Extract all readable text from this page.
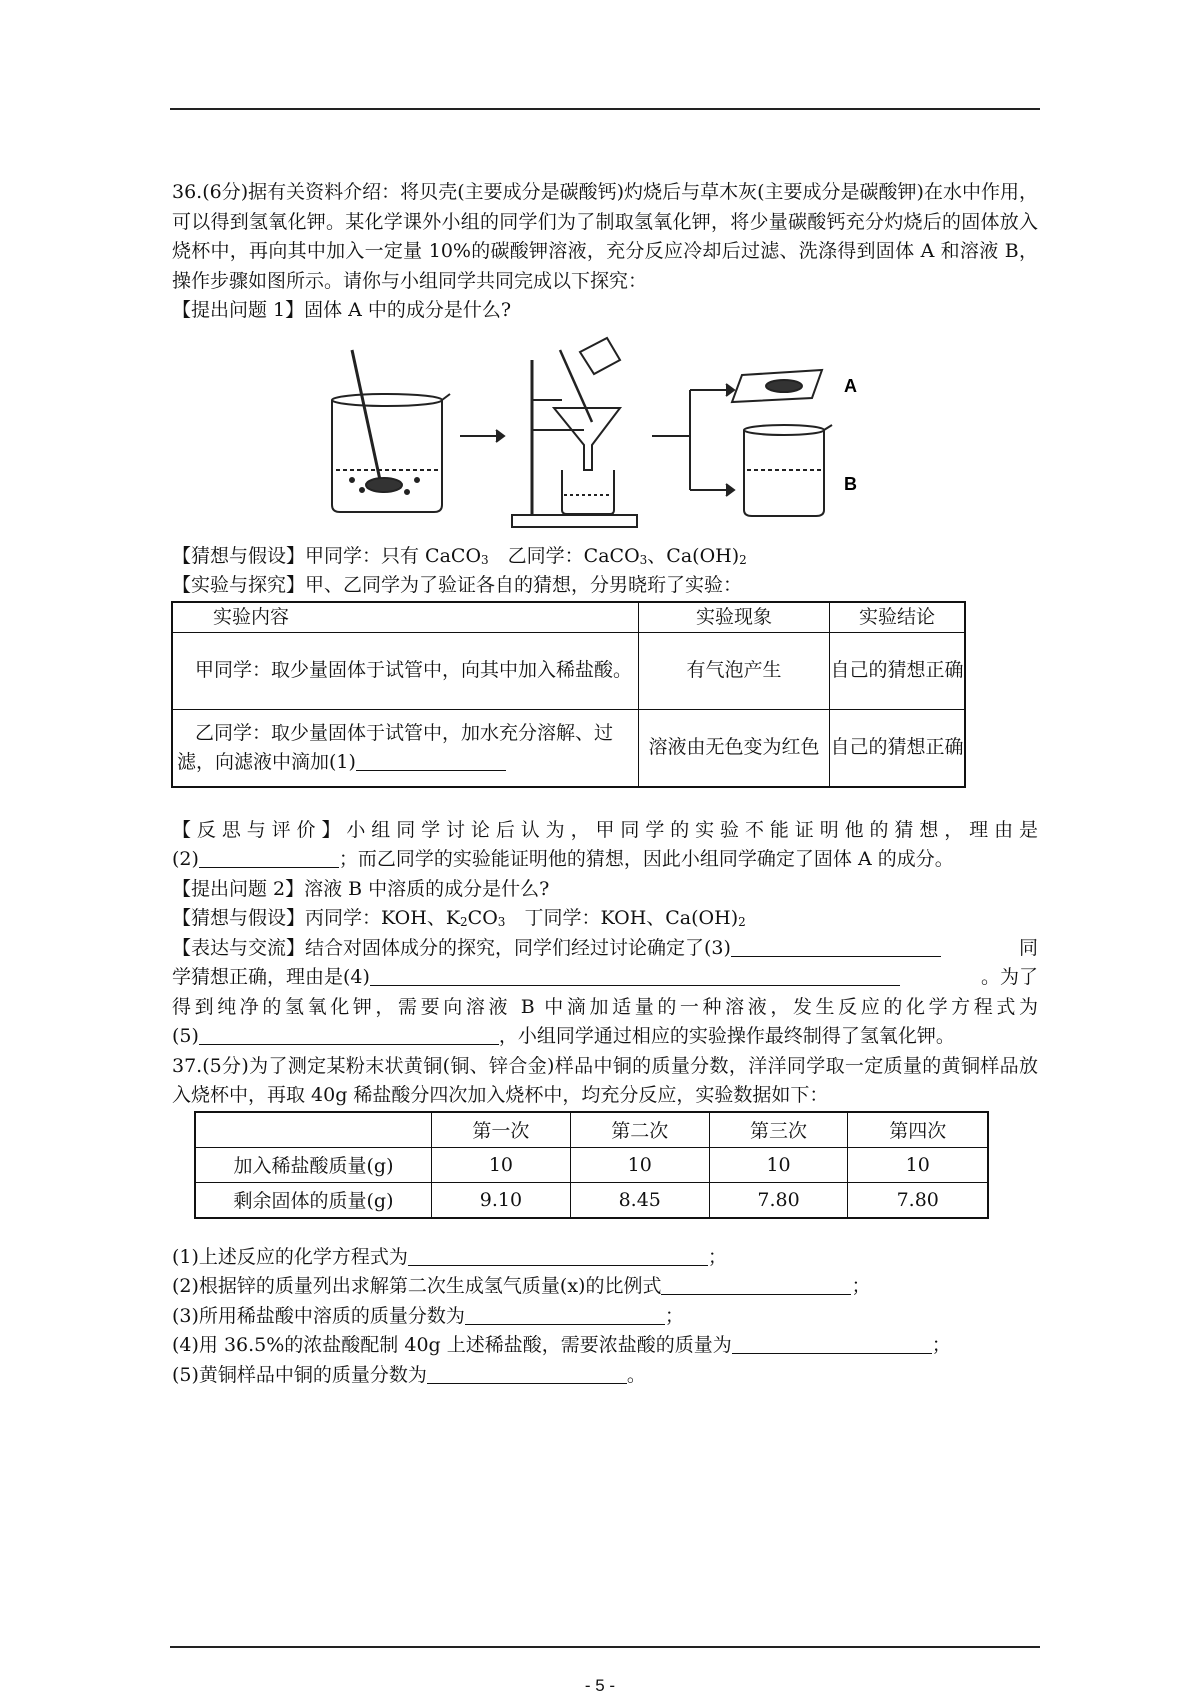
36.(6分)据有关资料介绍：将贝壳(主要成分是碳酸钙)灼烧后与草木灰(主要成分是碳酸钾)在水中作用，可以得到氢氧化钾。某化学课外小组的同学们为了制取氢氧化钾，将少量碳酸钙充分灼烧后的固体放入烧杯中，再向其中加入一定量 10%的碳酸钾溶液，充分反应冷却后过滤、洗涤得到固体 A 和溶液 B，操作步骤如图所示。请你与小组同学共同完成以下探究：

【提出问题 1】固体 A 中的成分是什么?

A
B

【猜想与假设】甲同学：只有 CaCO$_3$　乙同学：CaCO$_3$、$Ca(OH)_2$

【实验与探究】甲、乙同学为了验证各自的猜想，分男晓珩了实验：

实验内容	实验现象	实验结论
甲同学：取少量固体于试管中，向其中加入稀盐酸。	有气泡产生	自己的猜想正确
乙同学：取少量固体于试管中，加水充分溶解、过滤，向滤液中滴加(1)	溶液由无色变为红色	自己的猜想正确

【反思与评价】小组同学讨论后认为，甲同学的实验不能证明他的猜想，理由是

(2)	；而乙同学的实验能证明他的猜想，因此小组同学确定了固体 A 的成分。

【提出问题 2】溶液 B 中溶质的成分是什么?

【猜想与假设】丙同学：KOH、$K_2CO_3$　丁同学：KOH、$Ca(OH)_2$

【表达与交流】结合对固体成分的探究，同学们经过讨论确定了(3)	同

学猜想正确，理由是(4)	。为了

得到纯净的氢氧化钾，需要向溶液 B 中滴加适量的一种溶液，发生反应的化学方程式为

(5)	，小组同学通过相应的实验操作最终制得了氢氧化钾。

37.(5分)为了测定某粉末状黄铜(铜、锌合金)样品中铜的质量分数，洋洋同学取一定质量的黄铜样品放入烧杯中，再取 40g 稀盐酸分四次加入烧杯中，均充分反应，实验数据如下：

	第一次	第二次	第三次	第四次
加入稀盐酸质量(g)	10	10	10	10
剩余固体的质量(g)	9.10	8.45	7.80	7.80

(1)上述反应的化学方程式为	；

(2)根据锌的质量列出求解第二次生成氢气质量(x)的比例式	；

(3)所用稀盐酸中溶质的质量分数为	；

(4)用 36.5%的浓盐酸配制 40g 上述稀盐酸，需要浓盐酸的质量为	；

(5)黄铜样品中铜的质量分数为	。

- 5 -
